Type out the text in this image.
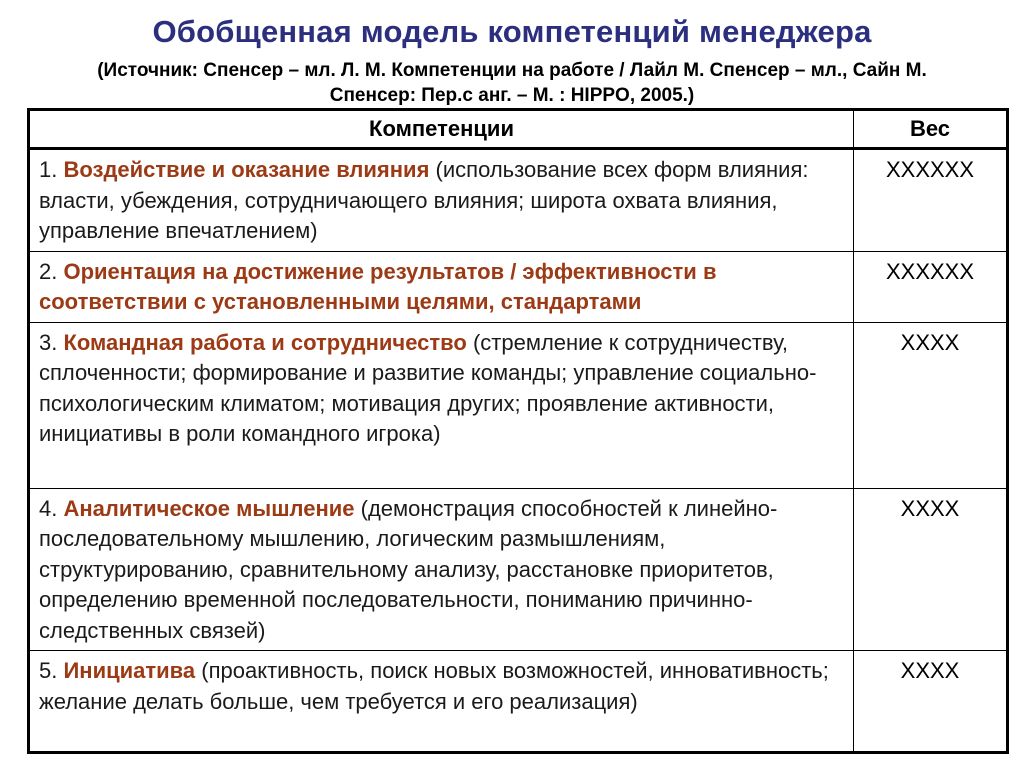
Обобщенная модель компетенций менеджера
(Источник: Спенсер – мл. Л. М. Компетенции на работе / Лайл М. Спенсер – мл., Сайн М. Спенсер: Пер.с анг. – М. : HIPPO, 2005.)
Компетенции	Вес
1. Воздействие и оказание влияния (использование всех форм влияния: власти, убеждения, сотрудничающего влияния; широта охвата влияния, управление впечатлением)	XXXXXX
2. Ориентация на достижение результатов / эффективности в соответствии с установленными целями, стандартами	XXXXXX
3. Командная работа и сотрудничество (стремление к сотрудничеству, сплоченности; формирование и развитие команды; управление социально-психологическим климатом; мотивация других; проявление активности, инициативы в роли командного игрока)	XXXX
4. Аналитическое мышление (демонстрация способностей к линейно-последовательному мышлению, логическим размышлениям, структурированию, сравнительному анализу, расстановке приоритетов, определению временной последовательности, пониманию причинно-следственных связей)	XXXX
5. Инициатива (проактивность, поиск новых возможностей, инновативность; желание делать больше, чем требуется и его реализация)	XXXX
